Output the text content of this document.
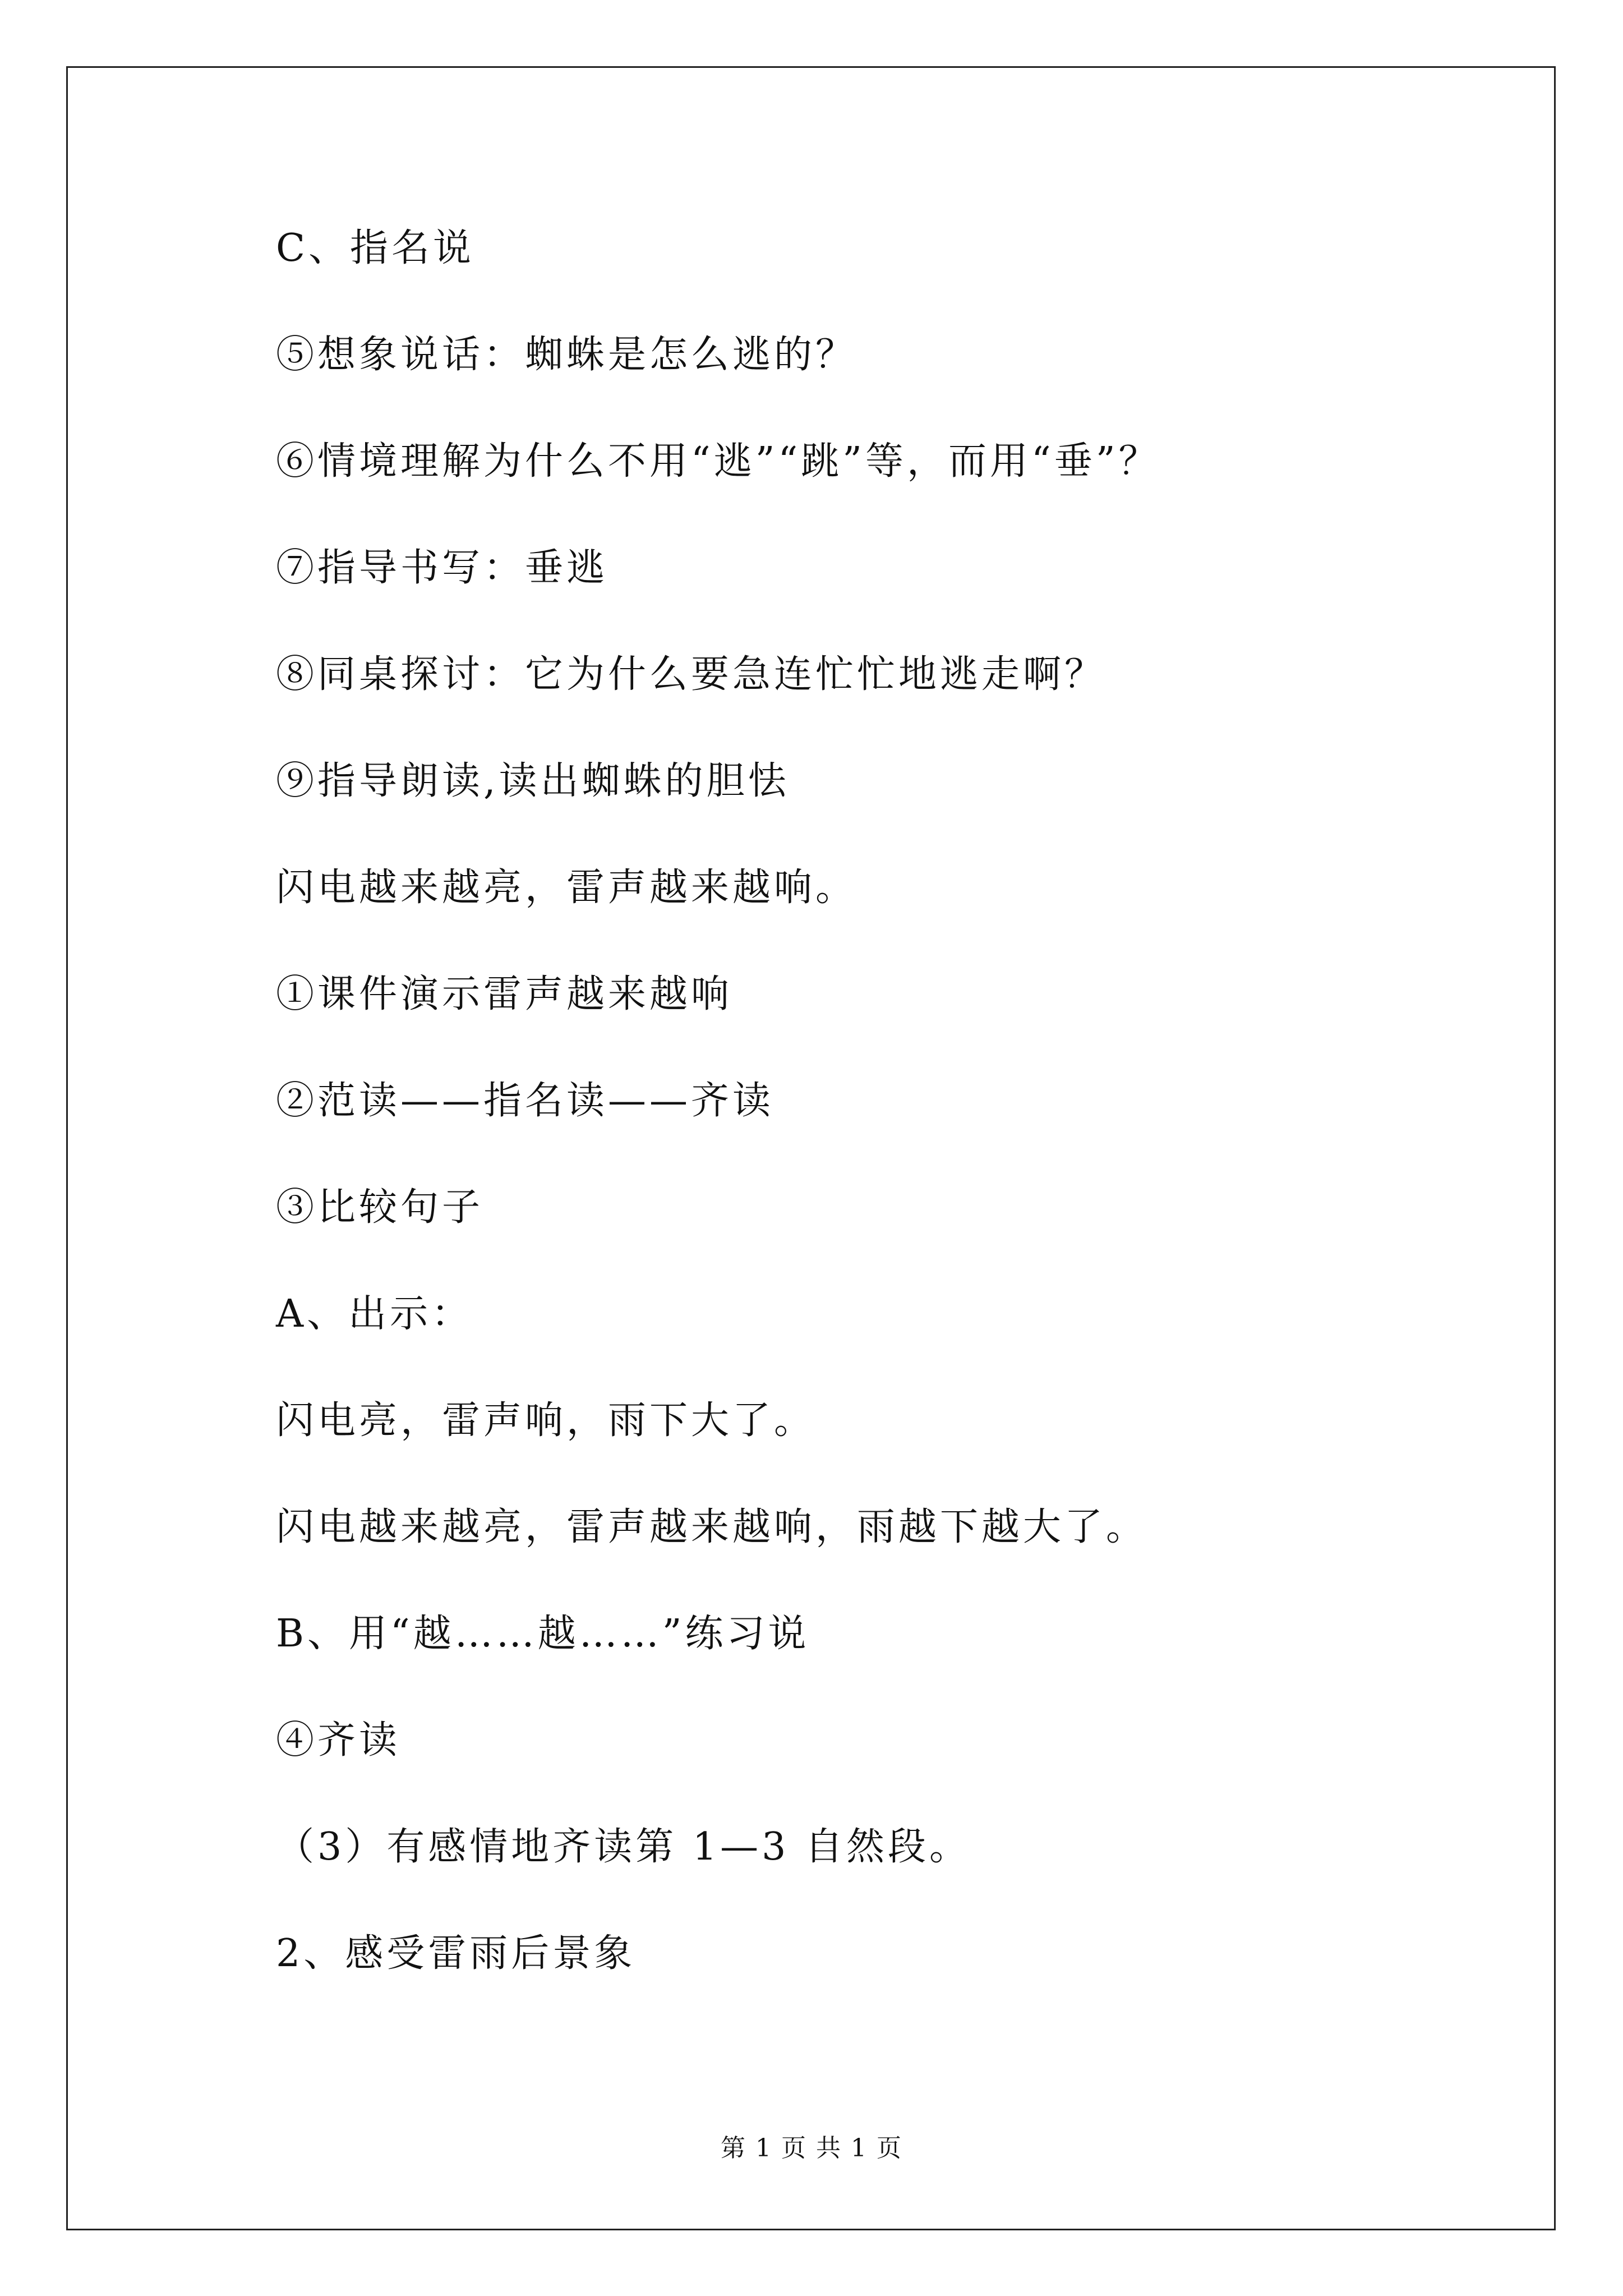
C、指名说
⑤想象说话：蜘蛛是怎么逃的？
⑥情境理解为什么不用“逃”“跳”等，而用“垂”？
⑦指导书写：垂逃
⑧同桌探讨：它为什么要急连忙忙地逃走啊？
⑨指导朗读,读出蜘蛛的胆怯
闪电越来越亮，雷声越来越响。
①课件演示雷声越来越响
②范读——指名读——齐读
③比较句子
A、出示：
闪电亮，雷声响，雨下大了。
闪电越来越亮，雷声越来越响，雨越下越大了。
B、用“越……越……”练习说
④齐读
（3）有感情地齐读第 1—3 自然段。
2、感受雷雨后景象
第 1 页 共 1 页
